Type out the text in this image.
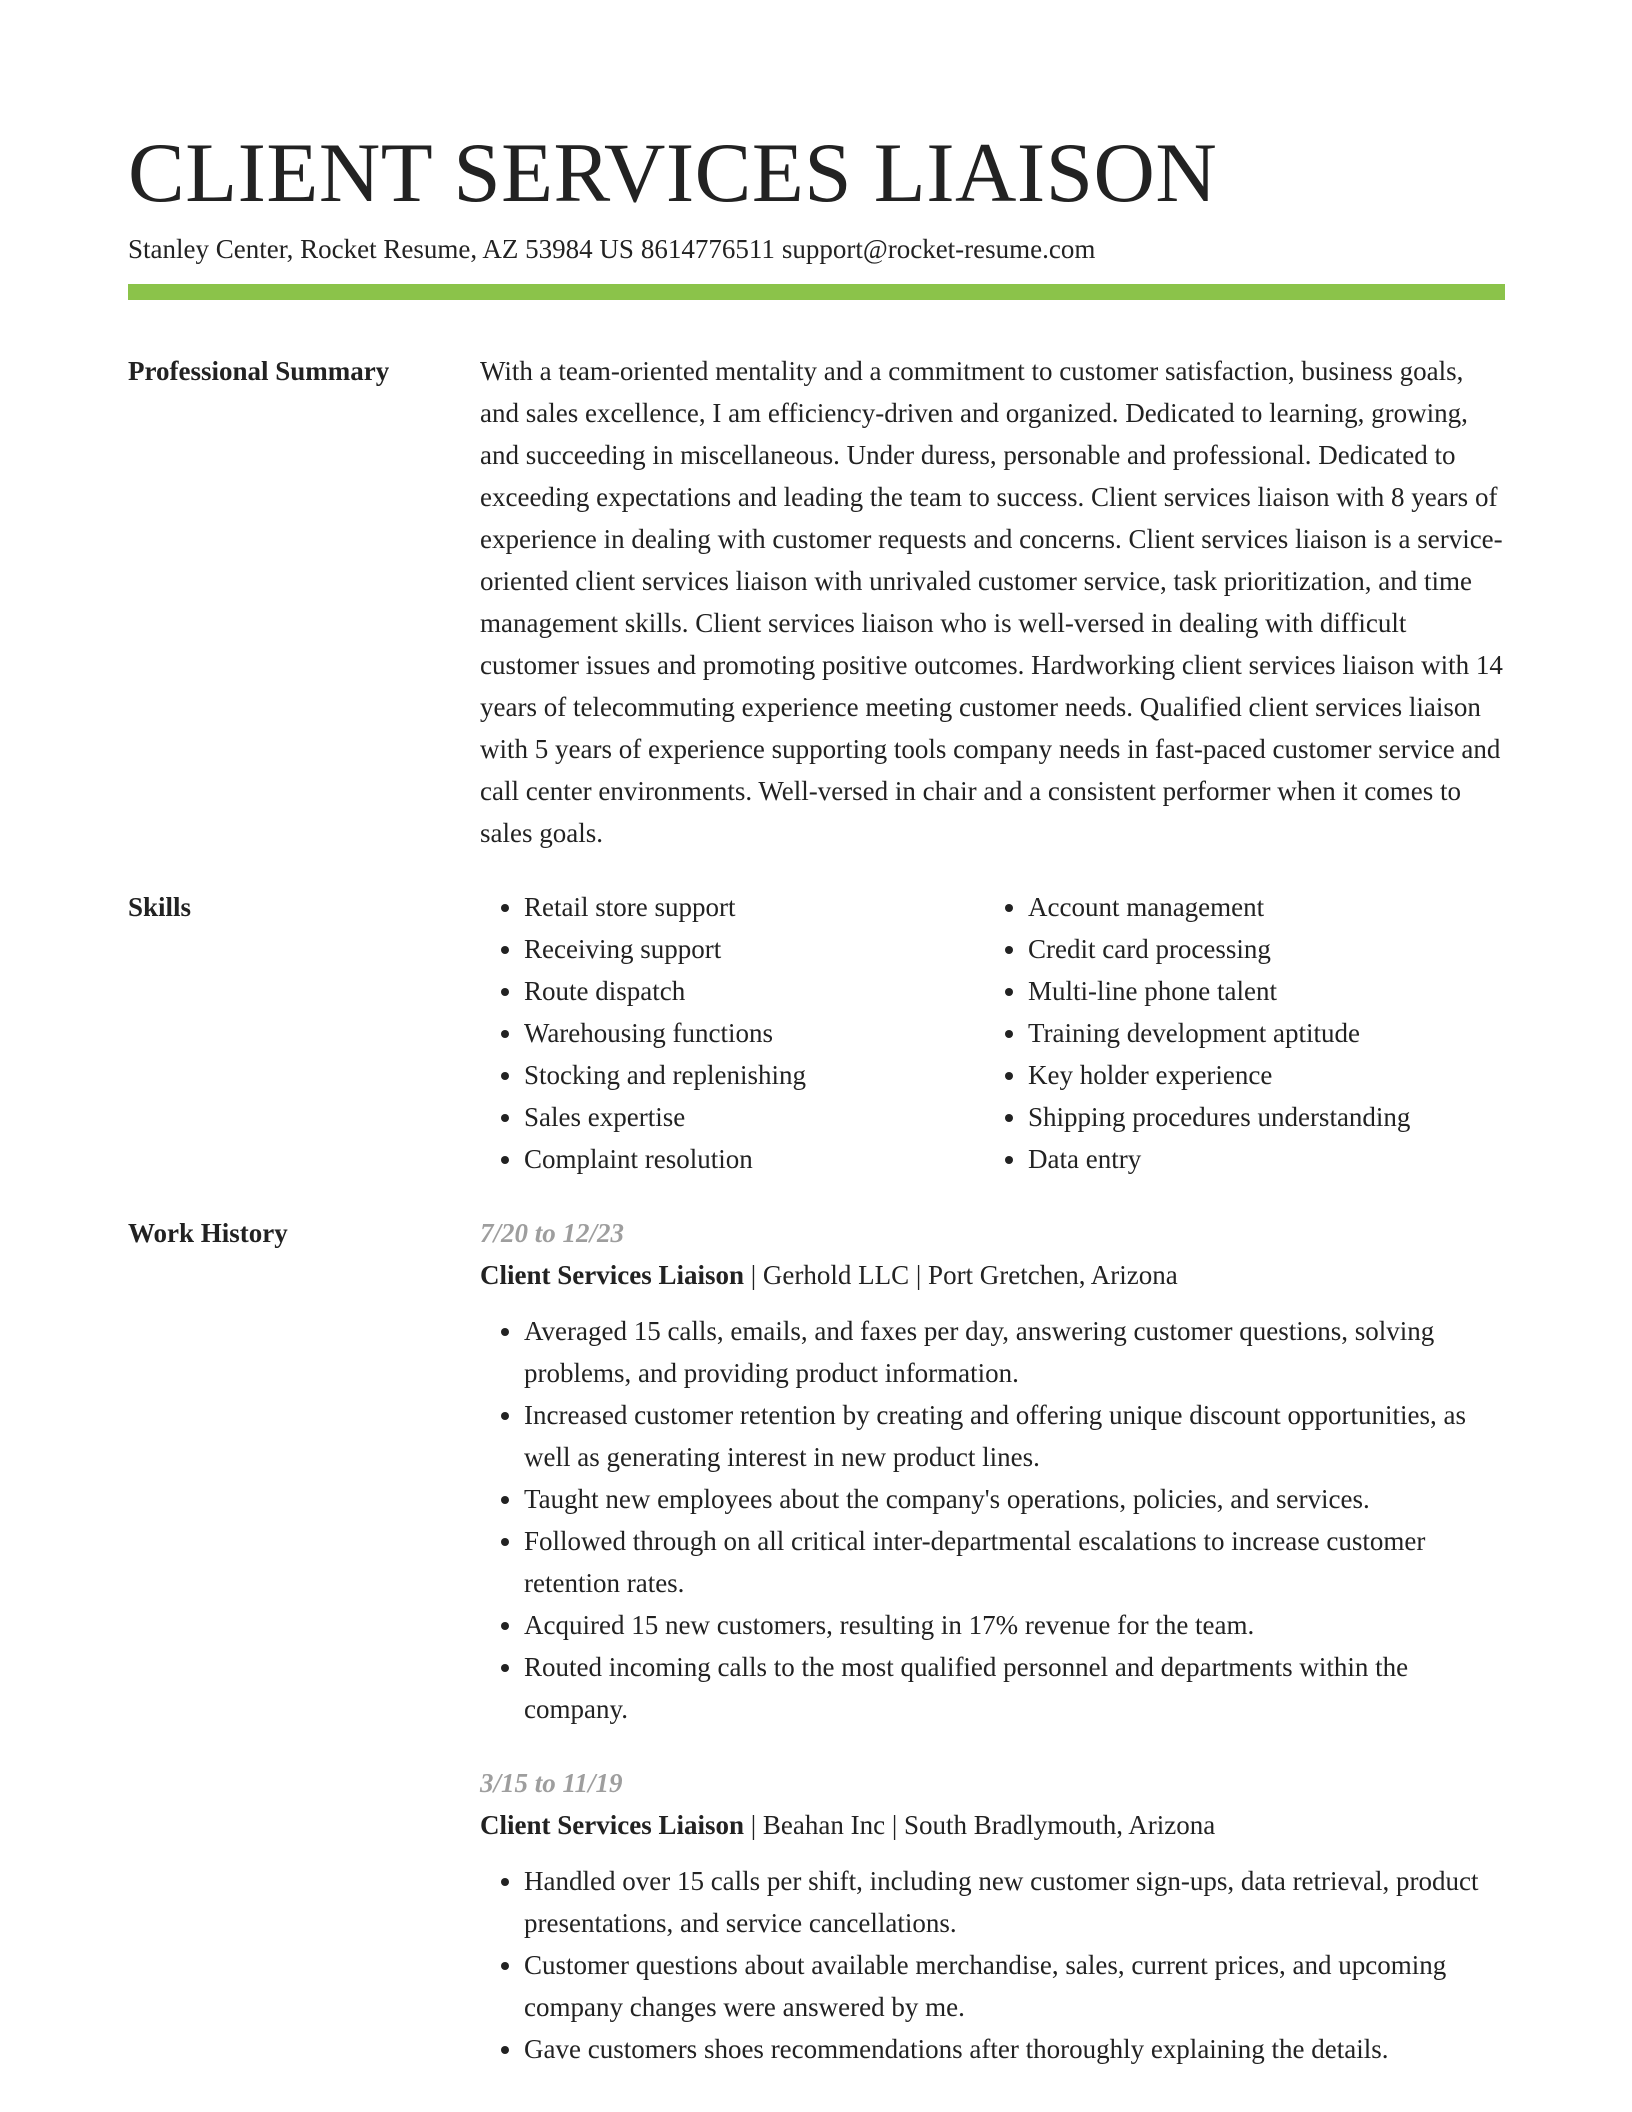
CLIENT SERVICES LIAISON
Stanley Center, Rocket Resume, AZ 53984 US 8614776511 support@rocket-resume.com
Professional Summary	With a team-oriented mentality and a commitment to customer satisfaction, business goals, and sales excellence, I am efficiency-driven and organized. Dedicated to learning, growing, and succeeding in miscellaneous. Under duress, personable and professional. Dedicated to exceeding expectations and leading the team to success. Client services liaison with 8 years of experience in dealing with customer requests and concerns. Client services liaison is a service-oriented client services liaison with unrivaled customer service, task prioritization, and time management skills. Client services liaison who is well-versed in dealing with difficult customer issues and promoting positive outcomes. Hardworking client services liaison with 14 years of telecommuting experience meeting customer needs. Qualified client services liaison with 5 years of experience supporting tools company needs in fast-paced customer service and call center environments. Well-versed in chair and a consistent performer when it comes to sales goals.

Skills
•	Retail store support
• Receiving support
• Route dispatch
• Warehousing functions
• Stocking and replenishing
• Sales expertise
• Complaint resolution
• Account management
• Credit card processing
• Multi-line phone talent
• Training development aptitude
• Key holder experience
• Shipping procedures understanding
• Data entry
Work History	7/20 to 12/23
Client Services Liaison | Gerhold LLC | Port Gretchen, Arizona
• Averaged 15 calls, emails, and faxes per day, answering customer questions, solving problems, and providing product information.
• Increased customer retention by creating and offering unique discount opportunities, as well as generating interest in new product lines.
• Taught new employees about the company's operations, policies, and services.
• Followed through on all critical inter-departmental escalations to increase customer retention rates.
• Acquired 15 new customers, resulting in 17% revenue for the team.
• Routed incoming calls to the most qualified personnel and departments within the company.
3/15 to 11/19
Client Services Liaison | Beahan Inc | South Bradlymouth, Arizona
• Handled over 15 calls per shift, including new customer sign-ups, data retrieval, product presentations, and service cancellations.
• Customer questions about available merchandise, sales, current prices, and upcoming company changes were answered by me.
• Gave customers shoes recommendations after thoroughly explaining the details.
